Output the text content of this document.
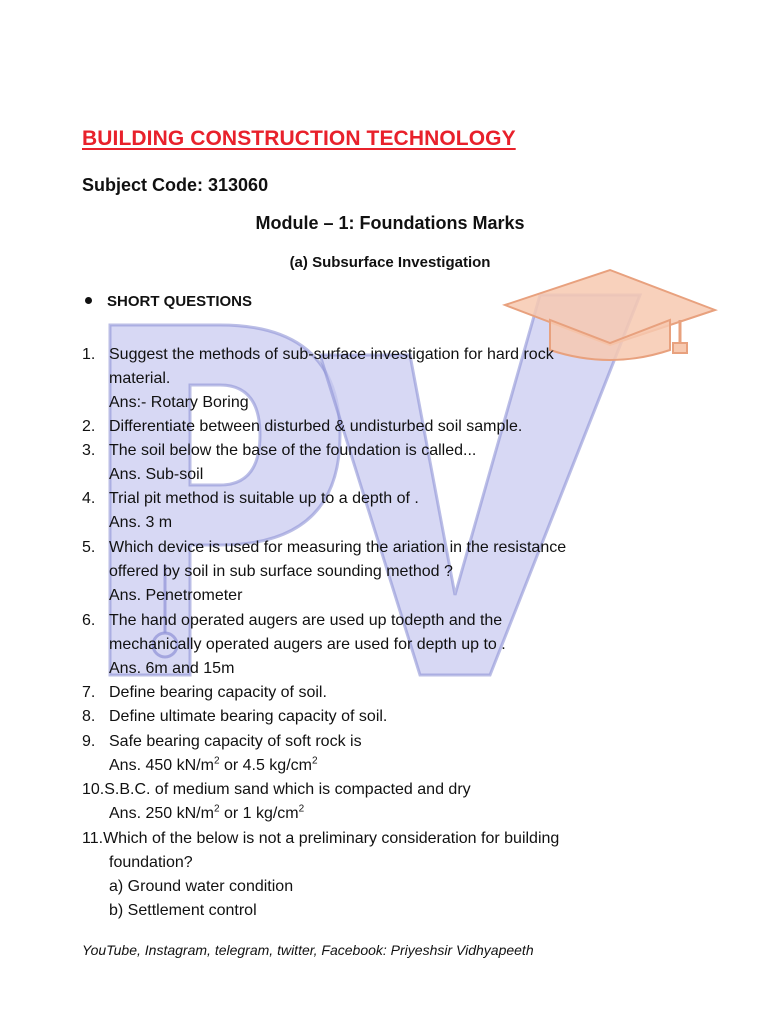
BUILDING CONSTRUCTION TECHNOLOGY
Subject Code: 313060
Module – 1: Foundations Marks
(a) Subsurface Investigation
SHORT QUESTIONS
1. Suggest the methods of sub-surface investigation for hard rock
material.
Ans:- Rotary Boring
2. Differentiate between disturbed & undisturbed soil sample.
3. The soil below the base of the foundation is called...
Ans. Sub-soil
4. Trial pit method is suitable up to a depth of .
Ans. 3 m
5. Which device is used for measuring the ariation in the resistance
offered by soil in sub surface sounding method ?
Ans. Penetrometer
6. The hand operated augers are used up todepth and the
mechanically operated augers are used for depth up to .
Ans. 6m and 15m
7. Define bearing capacity of soil.
8. Define ultimate bearing capacity of soil.
9. Safe bearing capacity of soft rock is
Ans. 450 $kN/m^2$ or 4.5 $kg/cm^2$
10.S.B.C. of medium sand which is compacted and dry
Ans. 250 $kN/m^2$ or 1 $kg/cm^2$
11.Which of the below is not a preliminary consideration for building
foundation?
a) Ground water condition
b) Settlement control
YouTube, Instagram, telegram, twitter, Facebook: Priyeshsir Vidhyapeeth
